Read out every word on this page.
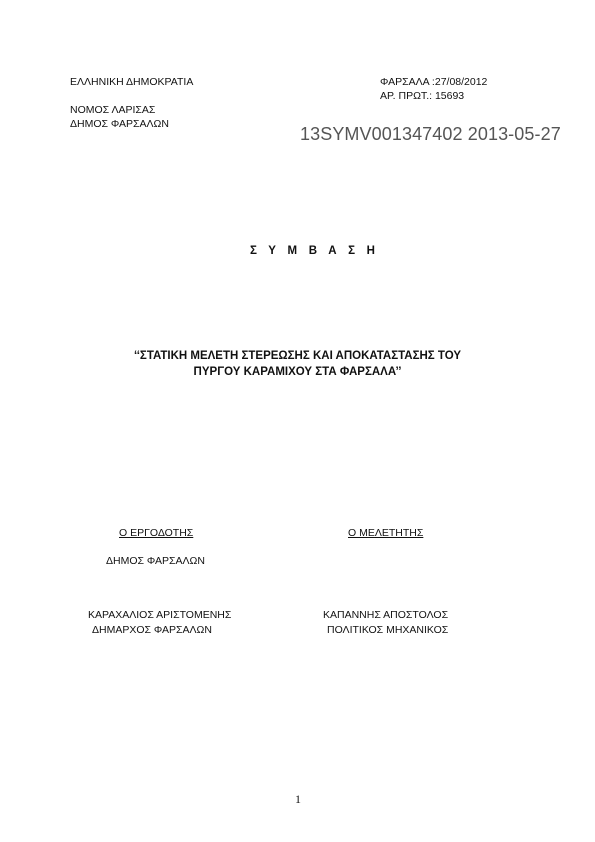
ΕΛΛΗΝΙΚΗ ΔΗΜΟΚΡΑΤΙΑ
ΝΟΜΟΣ ΛΑΡΙΣΑΣ
ΔΗΜΟΣ ΦΑΡΣΑΛΩΝ
ΦΑΡΣΑΛΑ :27/08/2012
ΑΡ. ΠΡΩΤ.: 15693
13SYMV001347402 2013-05-27
Σ Υ Μ Β Α Σ Η
‘‘ΣΤΑΤΙΚΗ ΜΕΛΕΤΗ ΣΤΕΡΕΩΣΗΣ ΚΑΙ ΑΠΟΚΑΤΑΣΤΑΣΗΣ ΤΟΥ
ΠΥΡΓΟΥ ΚΑΡΑΜΙΧΟΥ ΣΤΑ ΦΑΡΣΑΛΑ’’
Ο ΕΡΓΟΔΟΤΗΣ
ΔΗΜΟΣ ΦΑΡΣΑΛΩΝ
ΚΑΡΑΧΑΛΙΟΣ ΑΡΙΣΤΟΜΕΝΗΣ
ΔΗΜΑΡΧΟΣ ΦΑΡΣΑΛΩΝ
Ο ΜΕΛΕΤΗΤΗΣ
ΚΑΠΑΝΝΗΣ ΑΠΟΣΤΟΛΟΣ
ΠΟΛΙΤΙΚΟΣ ΜΗΧΑΝΙΚΟΣ
1
